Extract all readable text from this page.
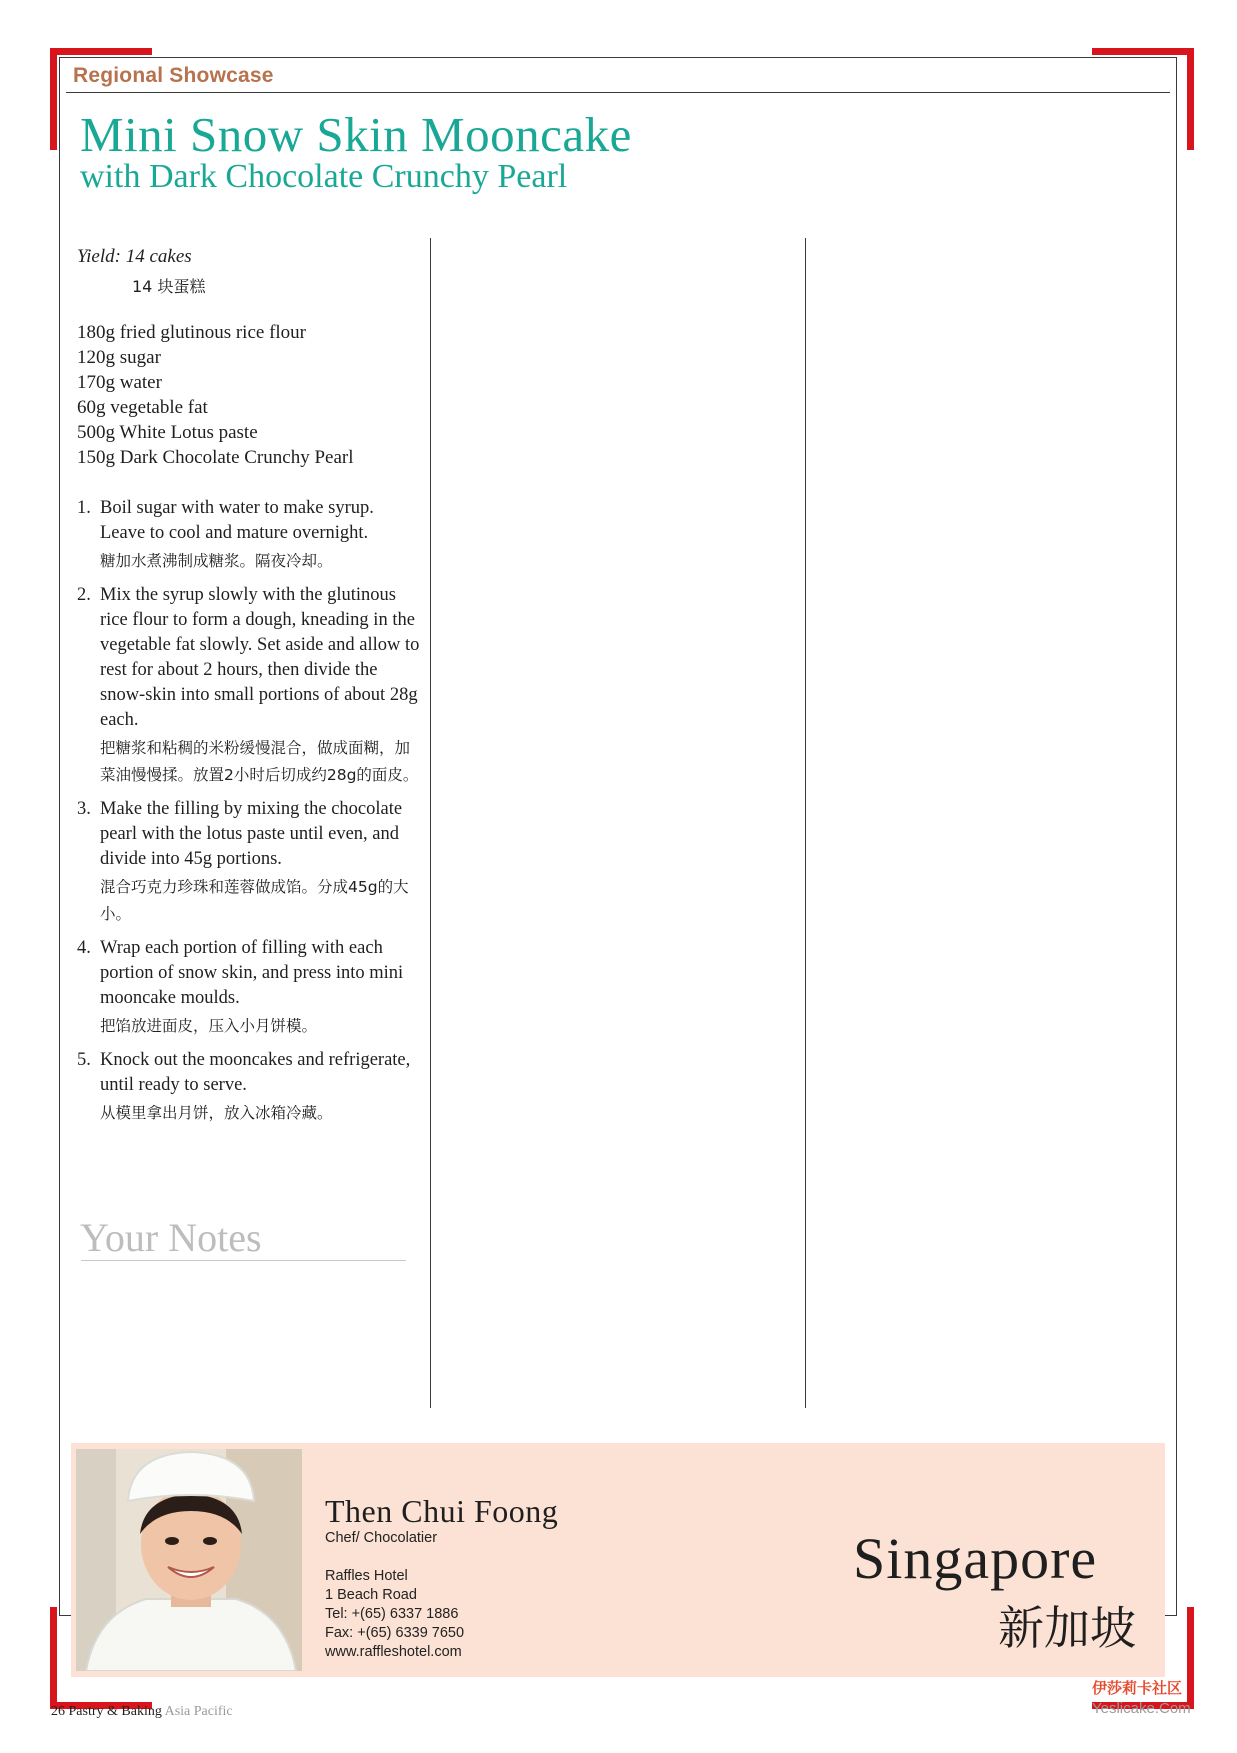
Regional Showcase
Mini Snow Skin Mooncake
with Dark Chocolate Crunchy Pearl
Yield: 14 cakes
14 块蛋糕
180g fried glutinous rice flour
120g sugar
170g water
60g vegetable fat
500g White Lotus paste
150g Dark Chocolate Crunchy Pearl
1. Boil sugar with water to make syrup. Leave to cool and mature overnight.
糖加水煮沸制成糖浆。隔夜冷却。
2. Mix the syrup slowly with the glutinous rice flour to form a dough, kneading in the vegetable fat slowly. Set aside and allow to rest for about 2 hours, then divide the snow-skin into small portions of about 28g each.
把糖浆和粘稠的米粉缓慢混合，做成面糊，加菜油慢慢揉。放置2小时后切成约28g的面皮。
3. Make the filling by mixing the chocolate pearl with the lotus paste until even, and divide into 45g portions.
混合巧克力珍珠和莲蓉做成馅。分成45g的大小。
4. Wrap each portion of filling with each portion of snow skin, and press into mini mooncake moulds.
把馅放进面皮，压入小月饼模。
5. Knock out the mooncakes and refrigerate, until ready to serve.
从模里拿出月饼，放入冰箱冷藏。
Your Notes
Then Chui Foong
Chef/ Chocolatier
Raffles Hotel
1 Beach Road
Tel: +(65) 6337 1886
Fax: +(65) 6339 7650
www.raffleshotel.com
Singapore
新加坡
26 Pastry & Baking Asia Pacific
伊莎莉卡社区
Yeslicake.Com
